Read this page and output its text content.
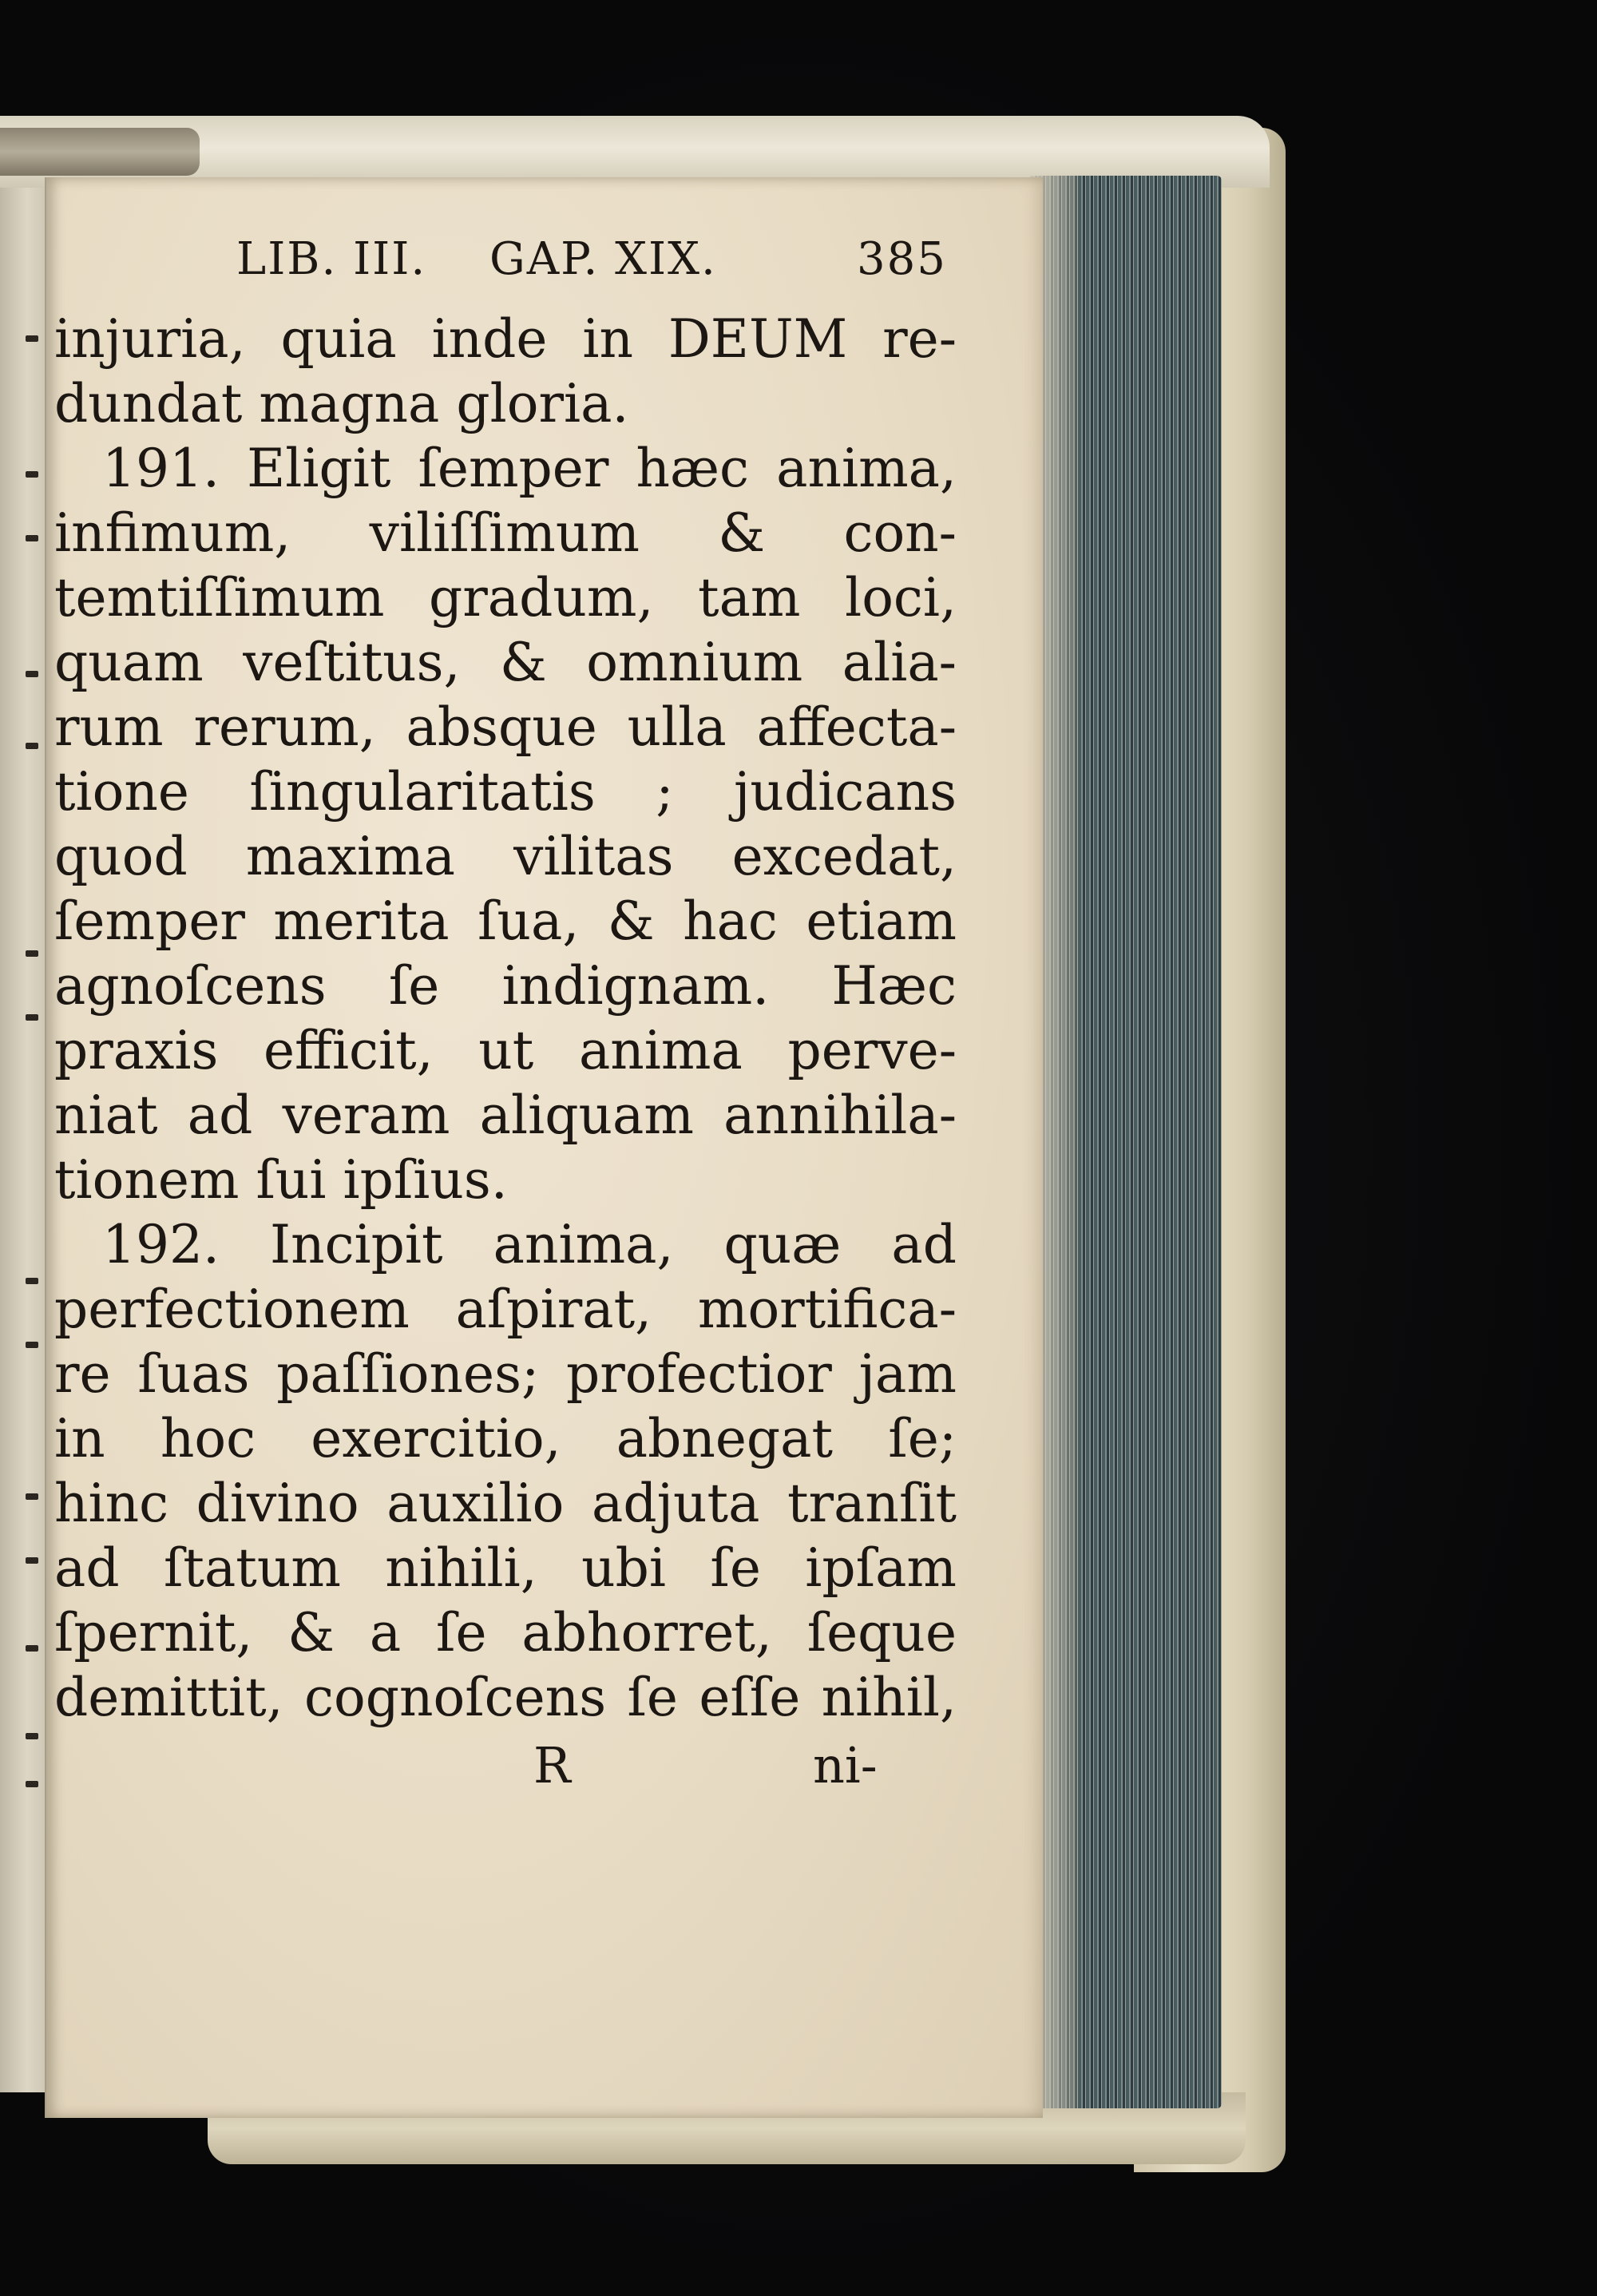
LIB. III. GAP. XIX.	385
injuria, quia inde in DEUM re-
dundat magna gloria.
191. Eligit ſemper hæc anima,
infimum, viliſſimum & con-
temtiſſimum gradum, tam loci,
quam veſtitus, & omnium alia-
rum rerum, absque ulla affecta-
tione ſingularitatis ; judicans
quod maxima vilitas excedat,
ſemper merita ſua, & hac etiam
agnoſcens ſe indignam. Hæc
praxis efficit, ut anima perve-
niat ad veram aliquam annihila-
tionem ſui ipſius.
192. Incipit anima, quæ ad
perfectionem aſpirat, mortifica-
re ſuas paſſiones; profectior jam
in hoc exercitio, abnegat ſe;
hinc divino auxilio adjuta tranſit
ad ſtatum nihili, ubi ſe ipſam
ſpernit, & a ſe abhorret, ſeque
demittit, cognoſcens ſe eſſe nihil,
R	ni-
